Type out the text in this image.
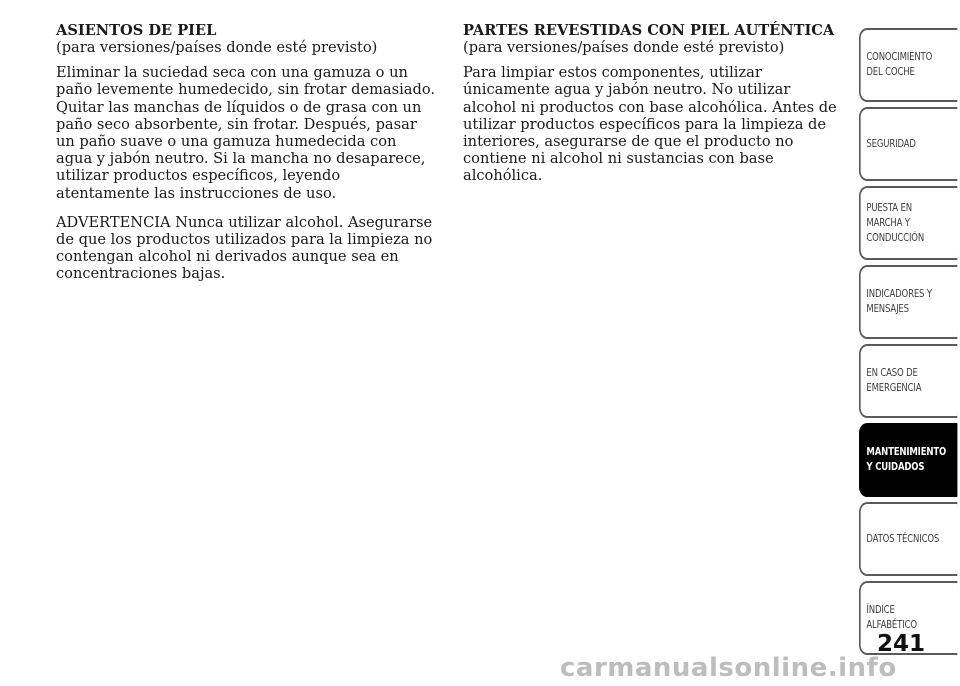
ASIENTOS DE PIEL
(para versiones/países donde esté previsto)
Eliminar la suciedad seca con una gamuza o un paño levemente humedecido, sin frotar demasiado. Quitar las manchas de líquidos o de grasa con un paño seco absorbente, sin frotar. Después, pasar un paño suave o una gamuza humedecida con agua y jabón neutro. Si la mancha no desaparece, utilizar productos específicos, leyendo atentamente las instrucciones de uso.
ADVERTENCIA Nunca utilizar alcohol. Asegurarse de que los productos utilizados para la limpieza no contengan alcohol ni derivados aunque sea en concentraciones bajas.
PARTES REVESTIDAS CON PIEL AUTÉNTICA
(para versiones/países donde esté previsto)
Para limpiar estos componentes, utilizar únicamente agua y jabón neutro. No utilizar alcohol ni productos con base alcohólica. Antes de utilizar productos específicos para la limpieza de interiores, asegurarse de que el producto no contiene ni alcohol ni sustancias con base alcohólica.
CONOCIMIENTO
DEL COCHE
SEGURIDAD
PUESTA EN
MARCHA Y
CONDUCCIÓN
INDICADORES Y
MENSAJES
EN CASO DE
EMERGENCIA
MANTENIMIENTO
Y CUIDADOS
DATOS TÉCNICOS
ÍNDICE
ALFABÉTICO
241
carmanualsonline.info
